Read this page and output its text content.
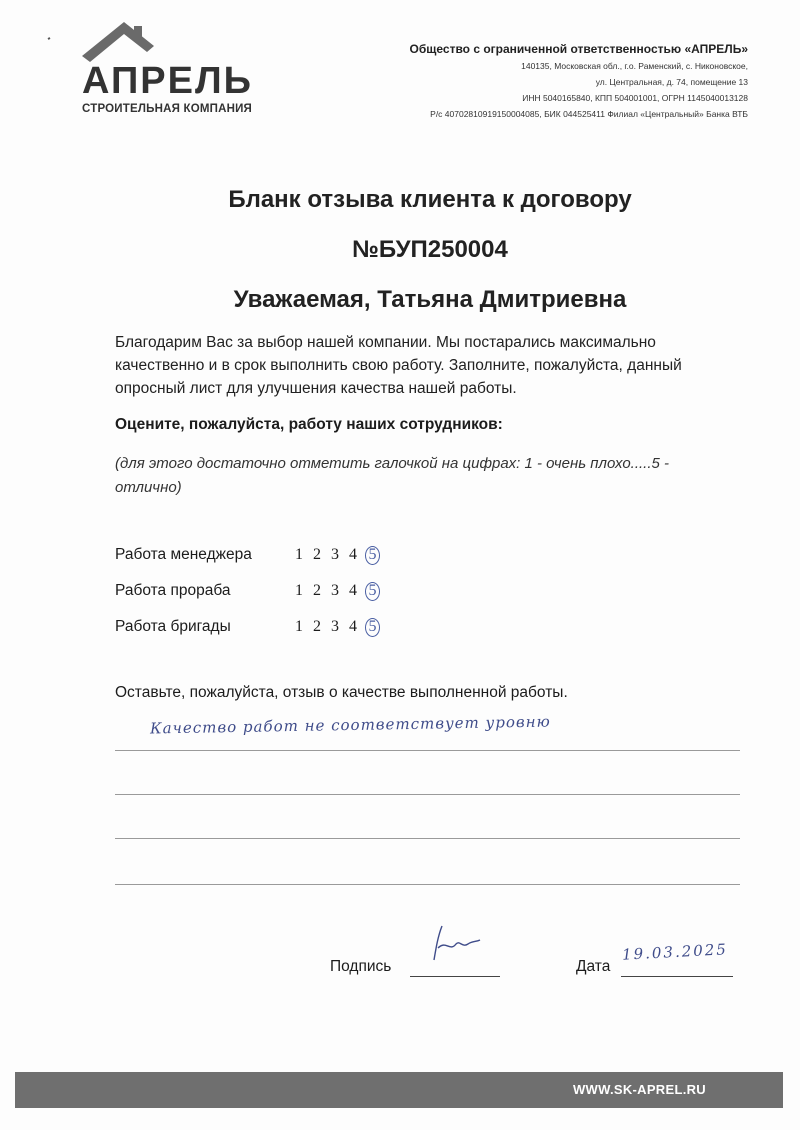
АПРЕЛЬ
СТРОИТЕЛЬНАЯ КОМПАНИЯ
Общество с ограниченной ответственностью «АПРЕЛЬ»
140135, Московская обл., г.о. Раменский, с. Никоновское,
ул. Центральная, д. 74, помещение 13
ИНН 5040165840, КПП 504001001, ОГРН 1145040013128
Р/с 40702810919150004085, БИК 044525411 Филиал «Центральный» Банка ВТБ
Бланк отзыва клиента к договору
№БУП250004
Уважаемая, Татьяна Дмитриевна
Благодарим Вас за выбор нашей компании. Мы постарались максимально качественно и в срок выполнить свою работу. Заполните, пожалуйста, данный опросный лист для улучшения качества нашей работы.
Оцените, пожалуйста, работу наших сотрудников:
(для этого достаточно отметить галочкой на цифрах: 1 - очень плохо.....5 - отлично)
Работа менеджера	1 2 3 4 5
Работа прораба	1 2 3 4 5
Работа бригады	1 2 3 4 5
Оставьте, пожалуйста, отзыв о качестве выполненной работы.
Качество работ не соответствует уровню
Подпись	Дата
19.03.2025
WWW.SK-APREL.RU
